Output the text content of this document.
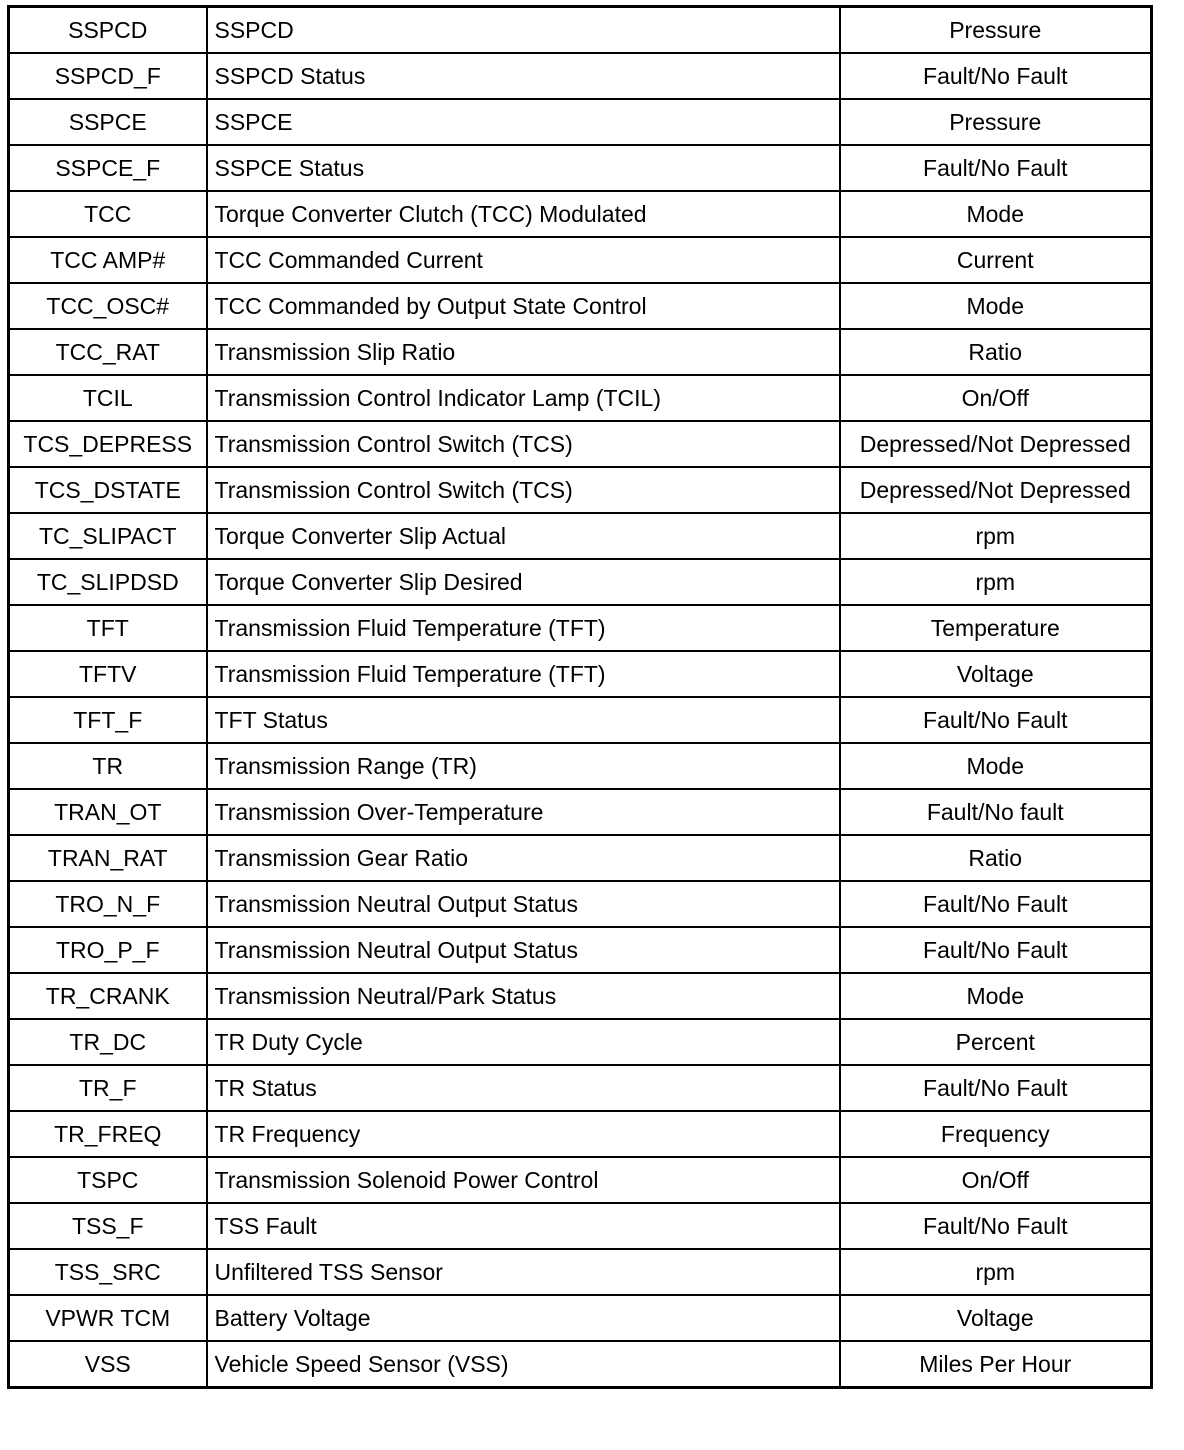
SSPCD	SSPCD	Pressure
SSPCD_F	SSPCD Status	Fault/No Fault
SSPCE	SSPCE	Pressure
SSPCE_F	SSPCE Status	Fault/No Fault
TCC	Torque Converter Clutch (TCC) Modulated	Mode
TCC AMP#	TCC Commanded Current	Current
TCC_OSC#	TCC Commanded by Output State Control	Mode
TCC_RAT	Transmission Slip Ratio	Ratio
TCIL	Transmission Control Indicator Lamp (TCIL)	On/Off
TCS_DEPRESS	Transmission Control Switch (TCS)	Depressed/Not Depressed
TCS_DSTATE	Transmission Control Switch (TCS)	Depressed/Not Depressed
TC_SLIPACT	Torque Converter Slip Actual	rpm
TC_SLIPDSD	Torque Converter Slip Desired	rpm
TFT	Transmission Fluid Temperature (TFT)	Temperature
TFTV	Transmission Fluid Temperature (TFT)	Voltage
TFT_F	TFT Status	Fault/No Fault
TR	Transmission Range (TR)	Mode
TRAN_OT	Transmission Over-Temperature	Fault/No fault
TRAN_RAT	Transmission Gear Ratio	Ratio
TRO_N_F	Transmission Neutral Output Status	Fault/No Fault
TRO_P_F	Transmission Neutral Output Status	Fault/No Fault
TR_CRANK	Transmission Neutral/Park Status	Mode
TR_DC	TR Duty Cycle	Percent
TR_F	TR Status	Fault/No Fault
TR_FREQ	TR Frequency	Frequency
TSPC	Transmission Solenoid Power Control	On/Off
TSS_F	TSS Fault	Fault/No Fault
TSS_SRC	Unfiltered TSS Sensor	rpm
VPWR TCM	Battery Voltage	Voltage
VSS	Vehicle Speed Sensor (VSS)	Miles Per Hour
